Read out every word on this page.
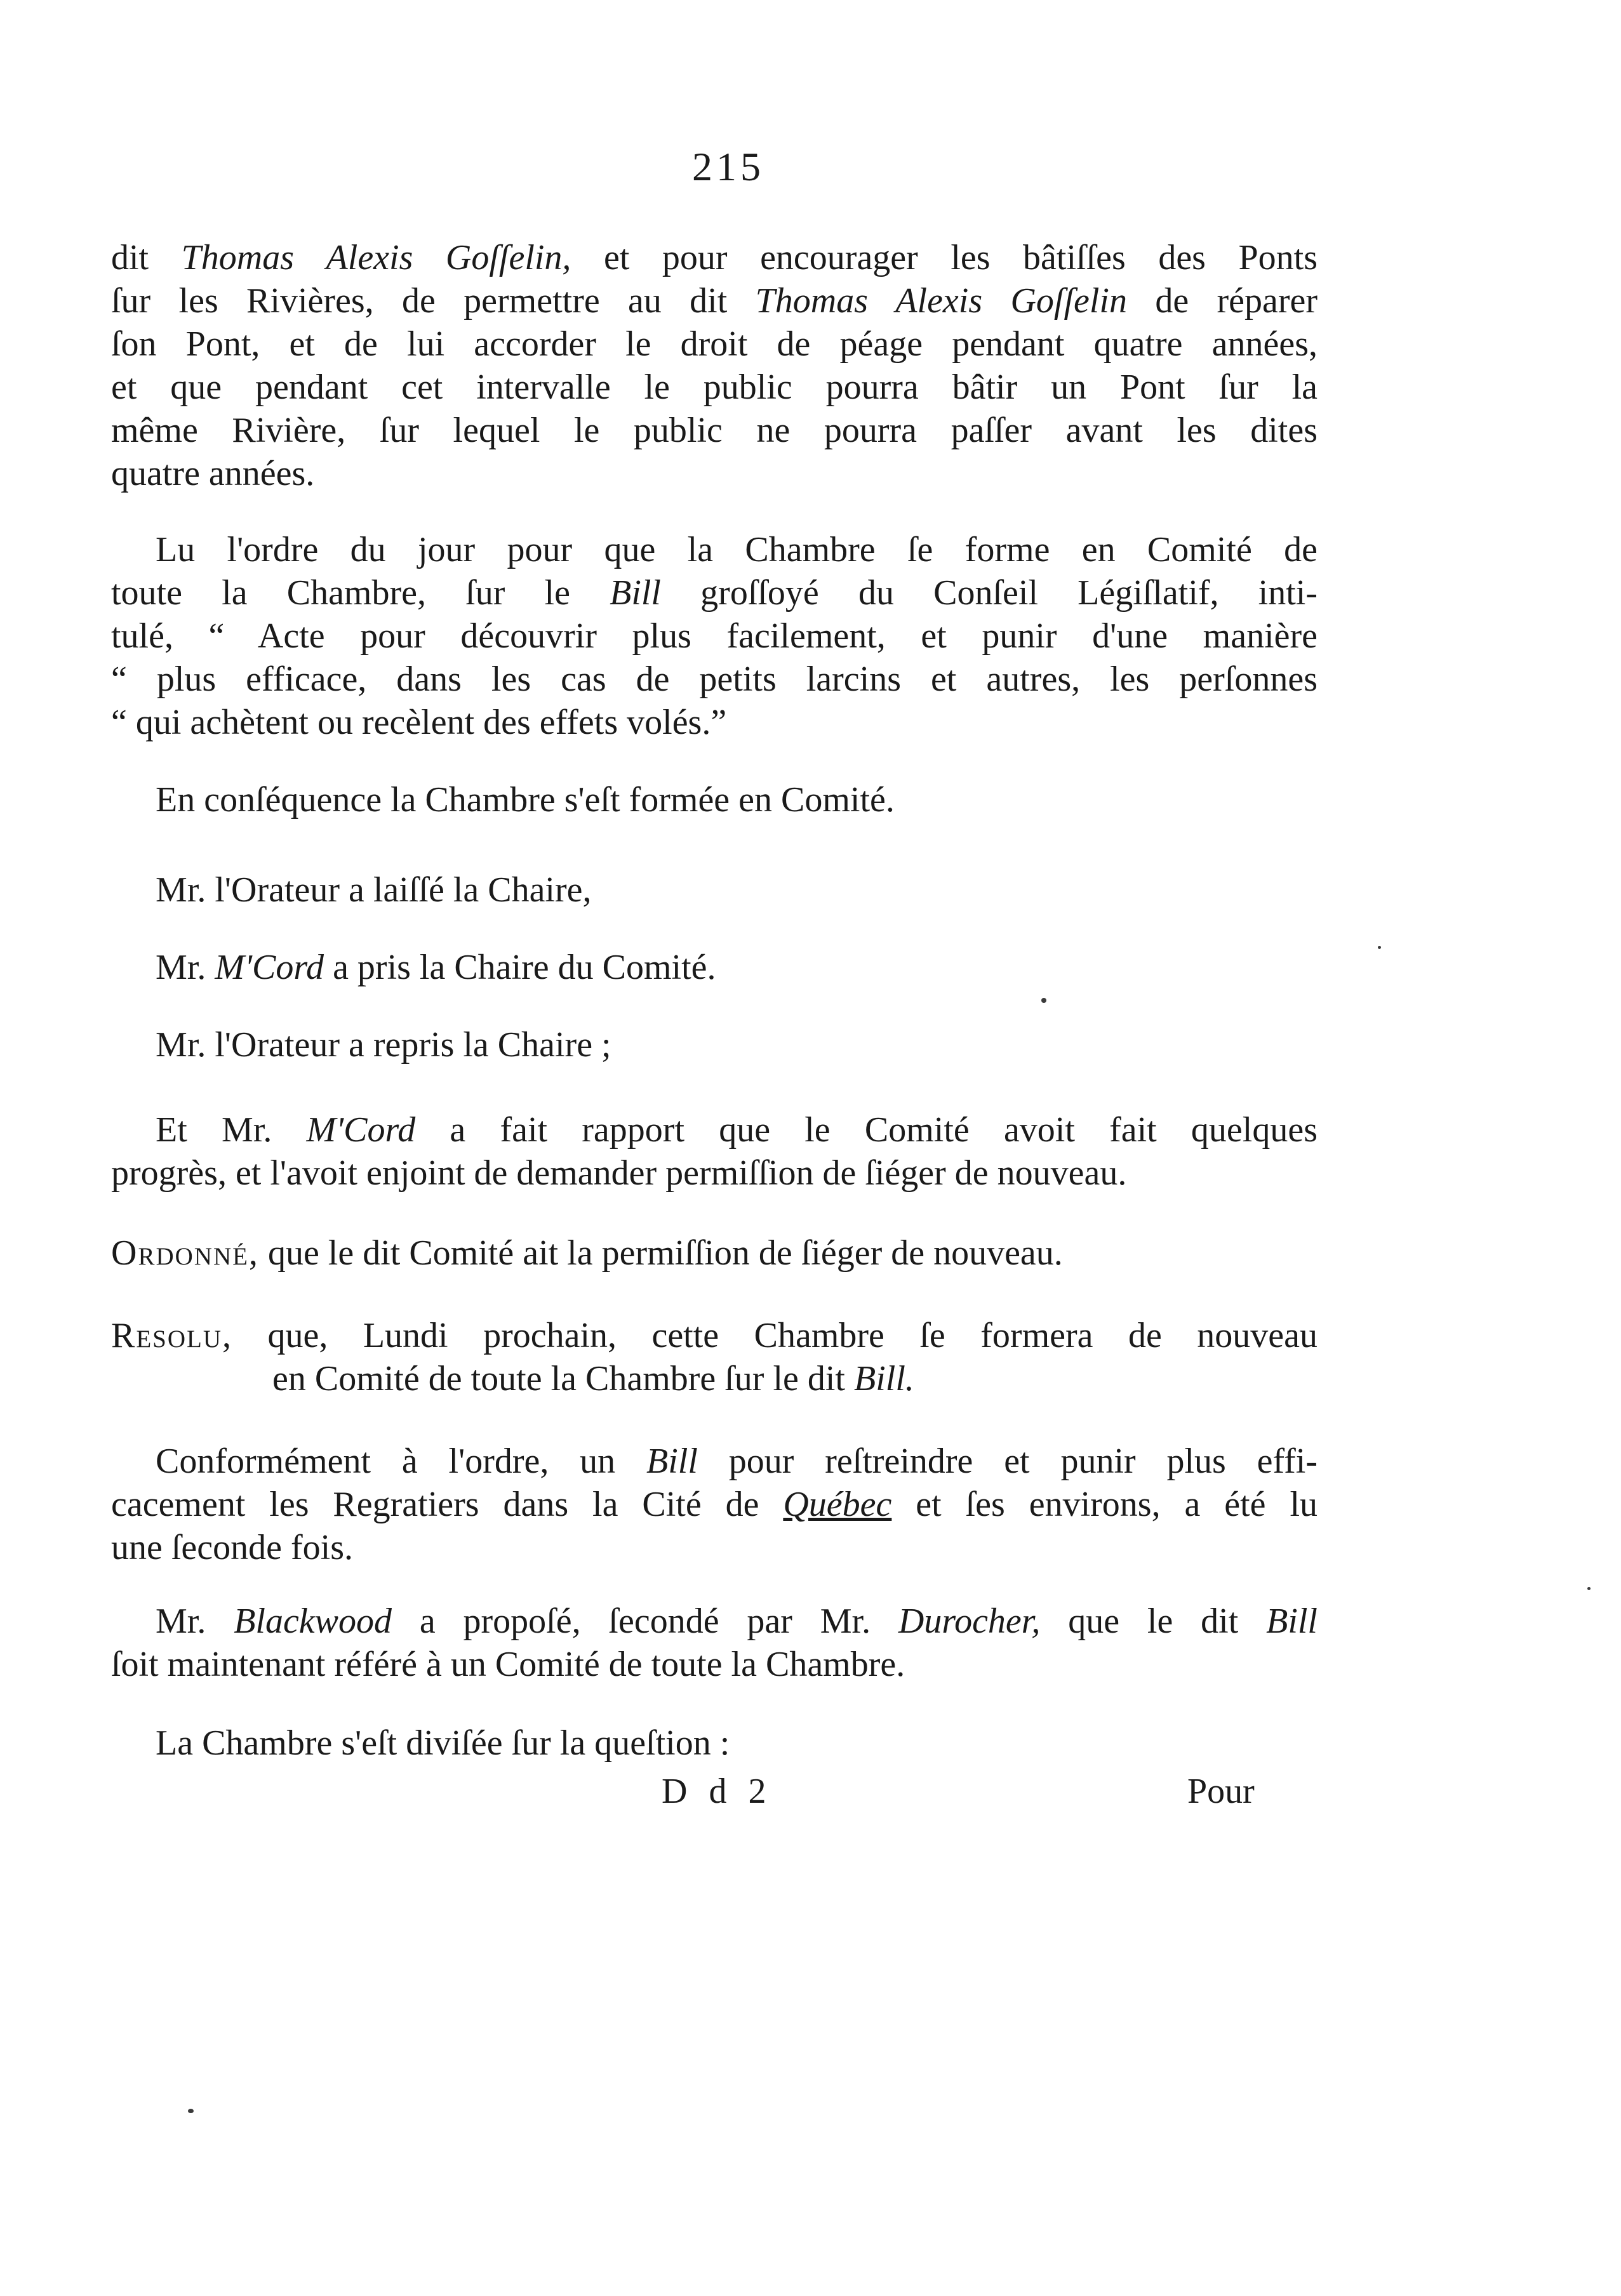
215
dit Thomas Alexis Goſſelin, et pour encourager les bâtiſſes des Ponts
ſur les Rivières, de permettre au dit Thomas Alexis Goſſelin de réparer
ſon Pont, et de lui accorder le droit de péage pendant quatre années,
et que pendant cet intervalle le public pourra bâtir un Pont ſur la
même Rivière, ſur lequel le public ne pourra paſſer avant les dites
quatre années.
Lu l'ordre du jour pour que la Chambre ſe forme en Comité de
toute la Chambre, ſur le Bill groſſoyé du Conſeil Légiſlatif, inti-
tulé, “ Acte pour découvrir plus facilement, et punir d'une manière
“ plus efficace, dans les cas de petits larcins et autres, les perſonnes
“ qui achètent ou recèlent des effets volés.”
En conſéquence la Chambre s'eſt formée en Comité.
Mr. l'Orateur a laiſſé la Chaire,
Mr. M'Cord a pris la Chaire du Comité.
Mr. l'Orateur a repris la Chaire ;
Et Mr. M'Cord a fait rapport que le Comité avoit fait quelques
progrès, et l'avoit enjoint de demander permiſſion de ſiéger de nouveau.
Ordonné, que le dit Comité ait la permiſſion de ſiéger de nouveau.
Resolu, que, Lundi prochain, cette Chambre ſe formera de nouveau
en Comité de toute la Chambre ſur le dit Bill.
Conformément à l'ordre, un Bill pour reſtreindre et punir plus effi-
cacement les Regratiers dans la Cité de Québec et ſes environs, a été lu
une ſeconde fois.
Mr. Blackwood a propoſé, ſecondé par Mr. Durocher, que le dit Bill
ſoit maintenant référé à un Comité de toute la Chambre.
La Chambre s'eſt diviſée ſur la queſtion :
D d 2	Pour
